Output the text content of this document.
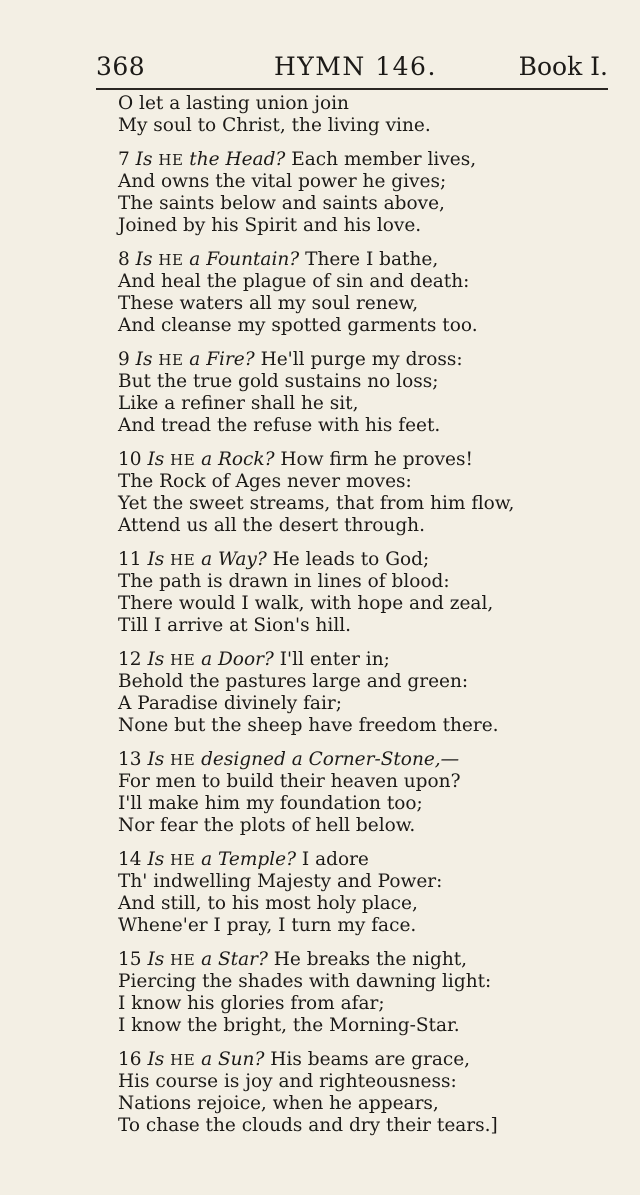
368	HYMN 146.	Book I.
O let a lasting union join
My soul to Christ, the living vine.
7 Is HE the Head? Each member lives,
And owns the vital power he gives;
The saints below and saints above,
Joined by his Spirit and his love.
8 Is HE a Fountain? There I bathe,
And heal the plague of sin and death:
These waters all my soul renew,
And cleanse my spotted garments too.
9 Is HE a Fire? He'll purge my dross:
But the true gold sustains no loss;
Like a refiner shall he sit,
And tread the refuse with his feet.
10 Is HE a Rock? How firm he proves!
The Rock of Ages never moves:
Yet the sweet streams, that from him flow,
Attend us all the desert through.
11 Is HE a Way? He leads to God;
The path is drawn in lines of blood:
There would I walk, with hope and zeal,
Till I arrive at Sion's hill.
12 Is HE a Door? I'll enter in;
Behold the pastures large and green:
A Paradise divinely fair;
None but the sheep have freedom there.
13 Is HE designed a Corner-Stone,—
For men to build their heaven upon?
I'll make him my foundation too;
Nor fear the plots of hell below.
14 Is HE a Temple? I adore
Th' indwelling Majesty and Power:
And still, to his most holy place,
Whene'er I pray, I turn my face.
15 Is HE a Star? He breaks the night,
Piercing the shades with dawning light:
I know his glories from afar;
I know the bright, the Morning-Star.
16 Is HE a Sun? His beams are grace,
His course is joy and righteousness:
Nations rejoice, when he appears,
To chase the clouds and dry their tears.]
